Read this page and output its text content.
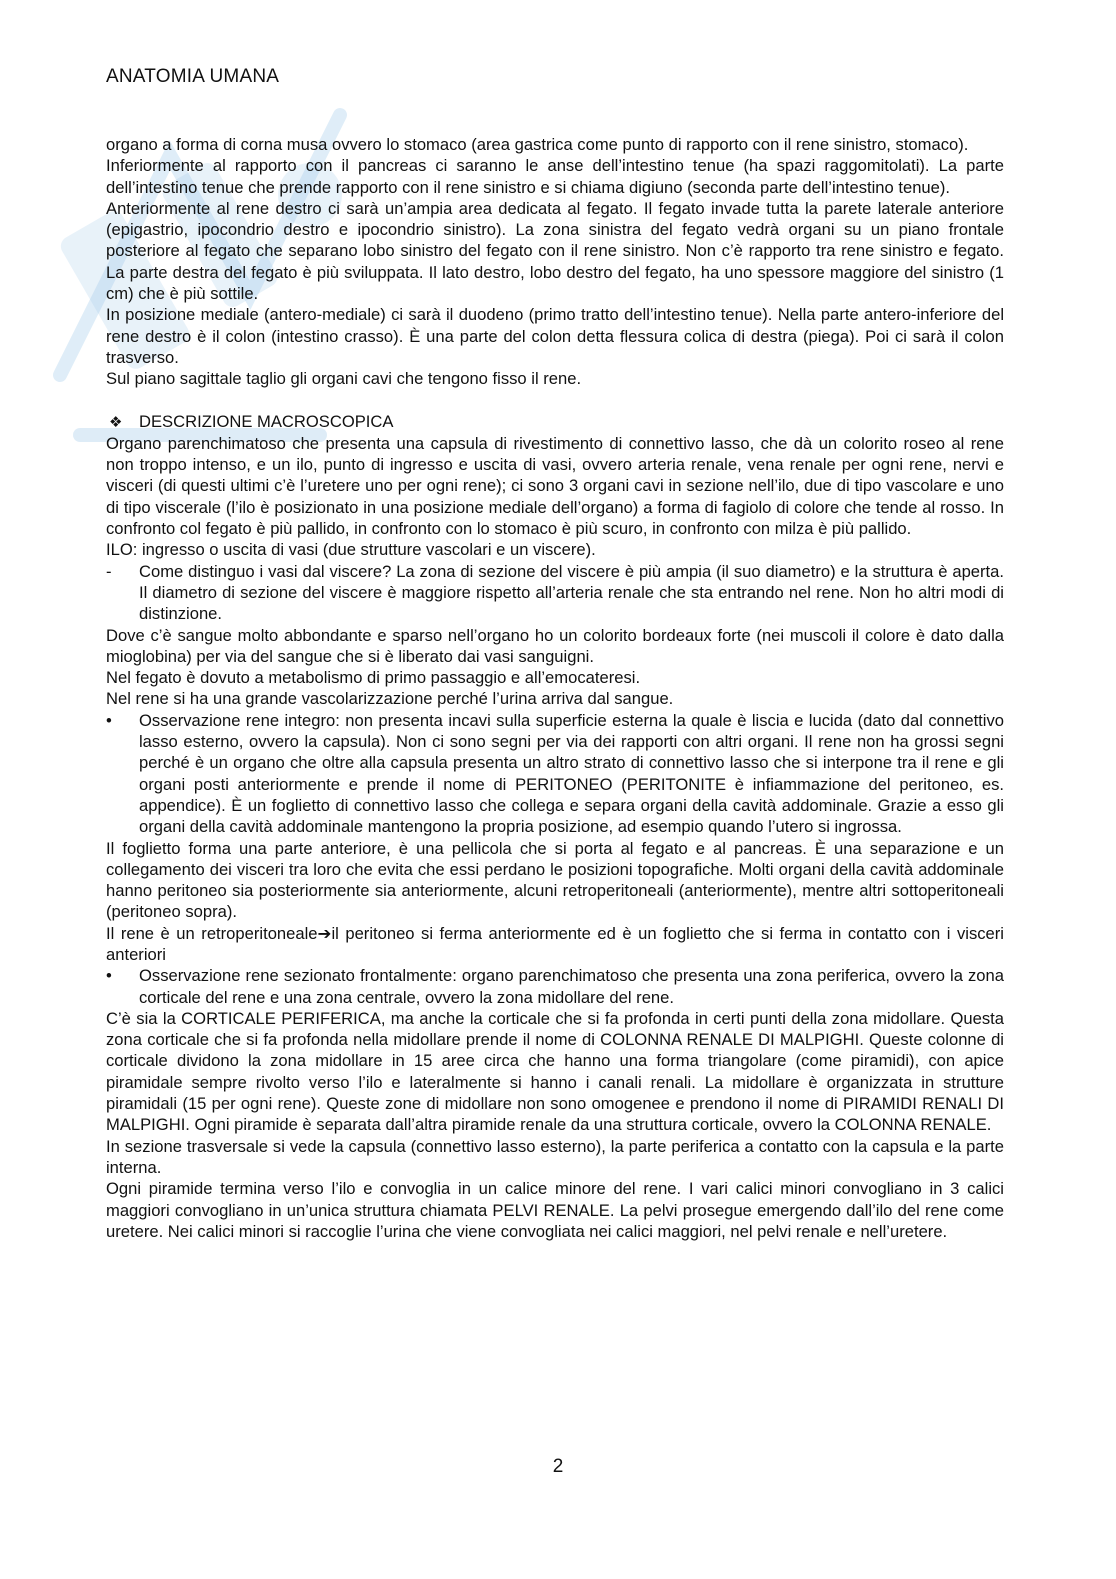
ANATOMIA UMANA

organo a forma di corna musa ovvero lo stomaco (area gastrica come punto di rapporto con il rene sinistro, stomaco).

Inferiormente al rapporto con il pancreas ci saranno le anse dell’intestino tenue (ha spazi raggomitolati). La parte dell’intestino tenue che prende rapporto con il rene sinistro e si chiama digiuno (seconda parte dell’intestino tenue).

Anteriormente al rene destro ci sarà un’ampia area dedicata al fegato. Il fegato invade tutta la parete laterale anteriore (epigastrio, ipocondrio destro e ipocondrio sinistro). La zona sinistra del fegato vedrà organi su un piano frontale posteriore al fegato che separano lobo sinistro del fegato con il rene sinistro. Non c’è rapporto tra rene sinistro e fegato. La parte destra del fegato è più sviluppata. Il lato destro, lobo destro del fegato, ha uno spessore maggiore del sinistro (1 cm) che è più sottile.

In posizione mediale (antero-mediale) ci sarà il duodeno (primo tratto dell’intestino tenue). Nella parte antero-inferiore del rene destro è il colon (intestino crasso). È una parte del colon detta flessura colica di destra (piega). Poi ci sarà il colon trasverso.

Sul piano sagittale taglio gli organi cavi che tengono fisso il rene.

❖ DESCRIZIONE MACROSCOPICA

Organo parenchimatoso che presenta una capsula di rivestimento di connettivo lasso, che dà un colorito roseo al rene non troppo intenso, e un ilo, punto di ingresso e uscita di vasi, ovvero arteria renale, vena renale per ogni rene, nervi e visceri (di questi ultimi c’è l’uretere uno per ogni rene); ci sono 3 organi cavi in sezione nell’ilo, due di tipo vascolare e uno di tipo viscerale (l’ilo è posizionato in una posizione mediale dell’organo) a forma di fagiolo di colore che tende al rosso. In confronto col fegato è più pallido, in confronto con lo stomaco è più scuro, in confronto con milza è più pallido.

ILO: ingresso o uscita di vasi (due strutture vascolari e un viscere).

-	Come distinguo i vasi dal viscere? La zona di sezione del viscere è più ampia (il suo diametro) e la struttura è aperta. Il diametro di sezione del viscere è maggiore rispetto all’arteria renale che sta entrando nel rene. Non ho altri modi di distinzione.

Dove c’è sangue molto abbondante e sparso nell’organo ho un colorito bordeaux forte (nei muscoli il colore è dato dalla mioglobina) per via del sangue che si è liberato dai vasi sanguigni.

Nel fegato è dovuto a metabolismo di primo passaggio e all’emocateresi.

Nel rene si ha una grande vascolarizzazione perché l’urina arriva dal sangue.

•	Osservazione rene integro: non presenta incavi sulla superficie esterna la quale è liscia e lucida (dato dal connettivo lasso esterno, ovvero la capsula). Non ci sono segni per via dei rapporti con altri organi. Il rene non ha grossi segni perché è un organo che oltre alla capsula presenta un altro strato di connettivo lasso che si interpone tra il rene e gli organi posti anteriormente e prende il nome di PERITONEO (PERITONITE è infiammazione del peritoneo, es. appendice). È un foglietto di connettivo lasso che collega e separa organi della cavità addominale. Grazie a esso gli organi della cavità addominale mantengono la propria posizione, ad esempio quando l’utero si ingrossa.

Il foglietto forma una parte anteriore, è una pellicola che si porta al fegato e al pancreas. È una separazione e un collegamento dei visceri tra loro che evita che essi perdano le posizioni topografiche. Molti organi della cavità addominale hanno peritoneo sia posteriormente sia anteriormente, alcuni retroperitoneali (anteriormente), mentre altri sottoperitoneali (peritoneo sopra).

Il rene è un retroperitoneale➔il peritoneo si ferma anteriormente ed è un foglietto che si ferma in contatto con i visceri anteriori

•	Osservazione rene sezionato frontalmente: organo parenchimatoso che presenta una zona periferica, ovvero la zona corticale del rene e una zona centrale, ovvero la zona midollare del rene.

C’è sia la CORTICALE PERIFERICA, ma anche la corticale che si fa profonda in certi punti della zona midollare. Questa zona corticale che si fa profonda nella midollare prende il nome di COLONNA RENALE DI MALPIGHI. Queste colonne di corticale dividono la zona midollare in 15 aree circa che hanno una forma triangolare (come piramidi), con apice piramidale sempre rivolto verso l’ilo e lateralmente si hanno i canali renali. La midollare è organizzata in strutture piramidali (15 per ogni rene). Queste zone di midollare non sono omogenee e prendono il nome di PIRAMIDI RENALI DI MALPIGHI. Ogni piramide è separata dall’altra piramide renale da una struttura corticale, ovvero la COLONNA RENALE.

In sezione trasversale si vede la capsula (connettivo lasso esterno), la parte periferica a contatto con la capsula e la parte interna.

Ogni piramide termina verso l’ilo e convoglia in un calice minore del rene. I vari calici minori convogliano in 3 calici maggiori convogliano in un’unica struttura chiamata PELVI RENALE. La pelvi prosegue emergendo dall’ilo del rene come uretere. Nei calici minori si raccoglie l’urina che viene convogliata nei calici maggiori, nel pelvi renale e nell’uretere.

2
